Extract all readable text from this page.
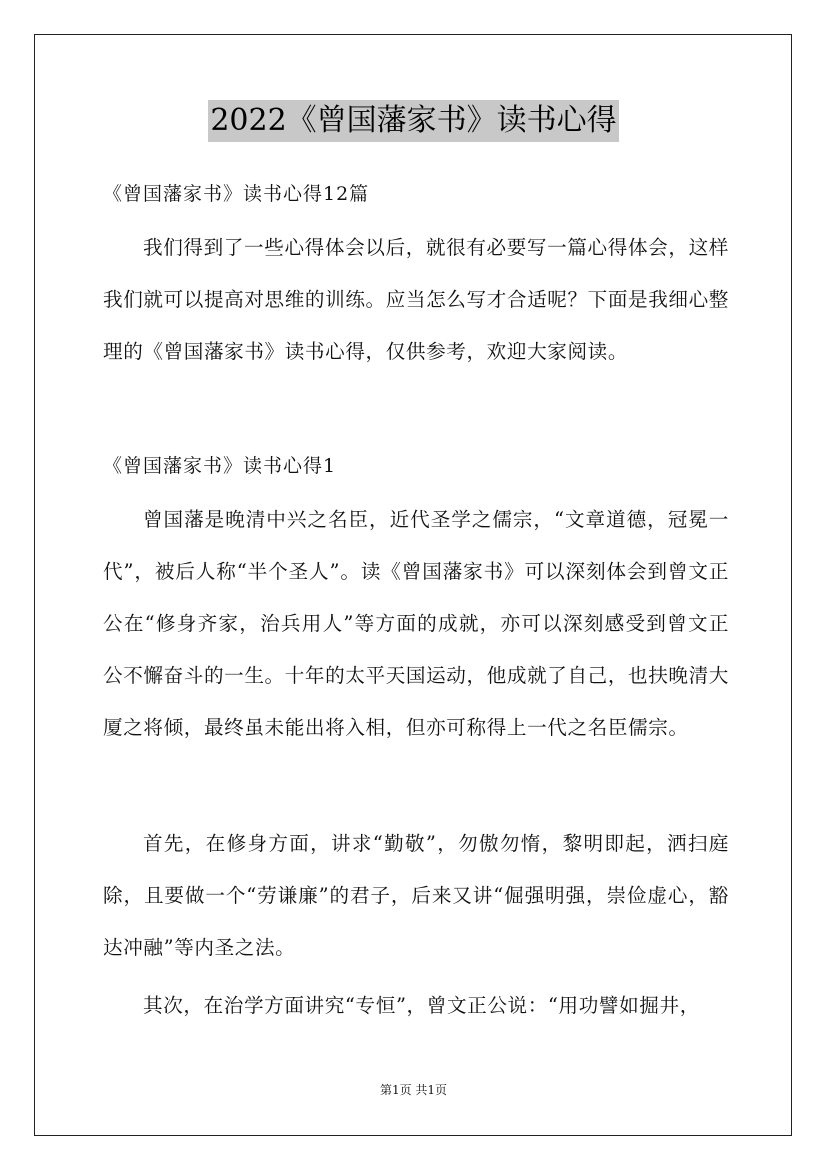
2022《曾国藩家书》读书心得
《曾国藩家书》读书心得12篇

我们得到了一些心得体会以后，就很有必要写一篇心得体会，这样我们就可以提高对思维的训练。应当怎么写才合适呢？下面是我细心整理的《曾国藩家书》读书心得，仅供参考，欢迎大家阅读。

《曾国藩家书》读书心得1

曾国藩是晚清中兴之名臣，近代圣学之儒宗，“文章道德，冠冕一代”，被后人称“半个圣人”。读《曾国藩家书》可以深刻体会到曾文正公在“修身齐家，治兵用人”等方面的成就，亦可以深刻感受到曾文正公不懈奋斗的一生。十年的太平天国运动，他成就了自己，也扶晚清大厦之将倾，最终虽未能出将入相，但亦可称得上一代之名臣儒宗。

首先，在修身方面，讲求“勤敬”，勿傲勿惰，黎明即起，洒扫庭除，且要做一个“劳谦廉”的君子，后来又讲“倔强明强，崇俭虚心，豁达冲融”等内圣之法。

其次，在治学方面讲究“专恒”，曾文正公说：“用功譬如掘井，

第1页 共1页
